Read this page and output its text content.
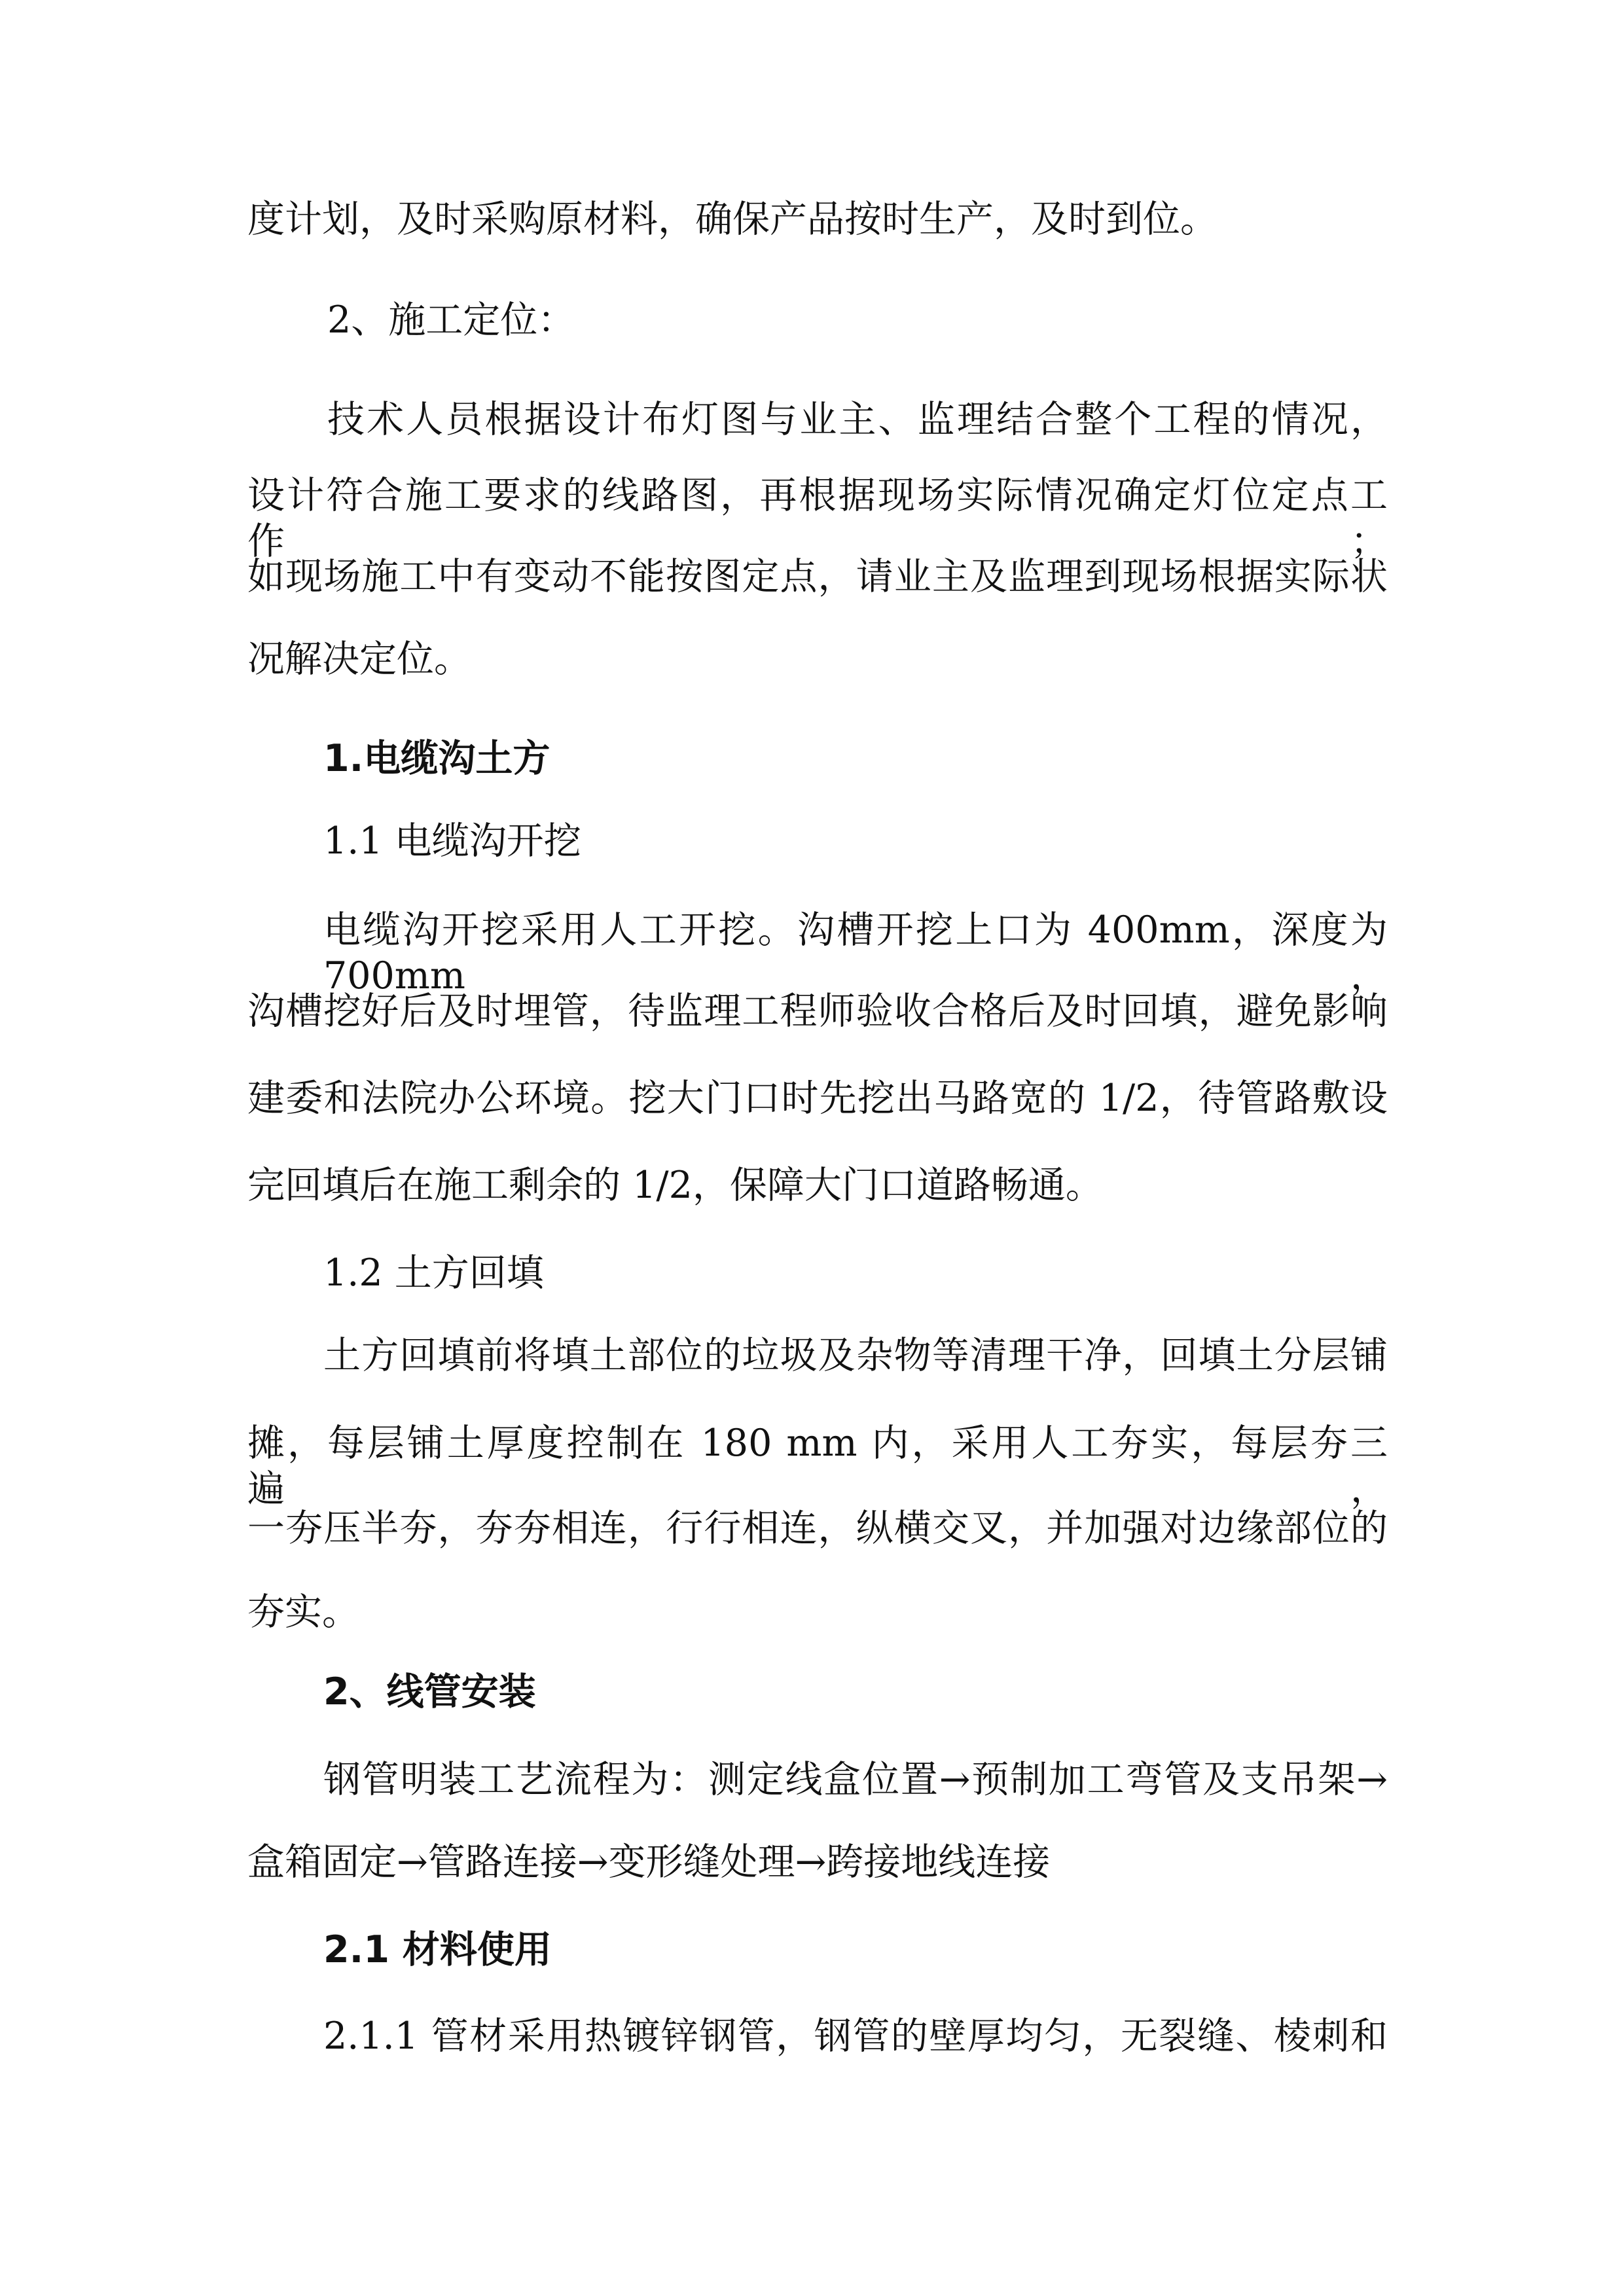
度计划，及时采购原材料，确保产品按时生产，及时到位。
2、施工定位：
技术人员根据设计布灯图与业主、监理结合整个工程的情况，
设计符合施工要求的线路图，再根据现场实际情况确定灯位定点工作；
如现场施工中有变动不能按图定点，请业主及监理到现场根据实际状
况解决定位。
1.电缆沟土方
1.1 电缆沟开挖
电缆沟开挖采用人工开挖。沟槽开挖上口为 400mm，深度为 700mm，
沟槽挖好后及时埋管，待监理工程师验收合格后及时回填，避免影响
建委和法院办公环境。挖大门口时先挖出马路宽的 1/2，待管路敷设
完回填后在施工剩余的 1/2，保障大门口道路畅通。
1.2 土方回填
土方回填前将填土部位的垃圾及杂物等清理干净，回填土分层铺
摊，每层铺土厚度控制在 180 mm 内，采用人工夯实，每层夯三遍，
一夯压半夯，夯夯相连，行行相连，纵横交叉，并加强对边缘部位的
夯实。
2、线管安装
钢管明装工艺流程为：测定线盒位置→预制加工弯管及支吊架→
盒箱固定→管路连接→变形缝处理→跨接地线连接
2.1 材料使用
2.1.1 管材采用热镀锌钢管，钢管的壁厚均匀，无裂缝、棱刺和
